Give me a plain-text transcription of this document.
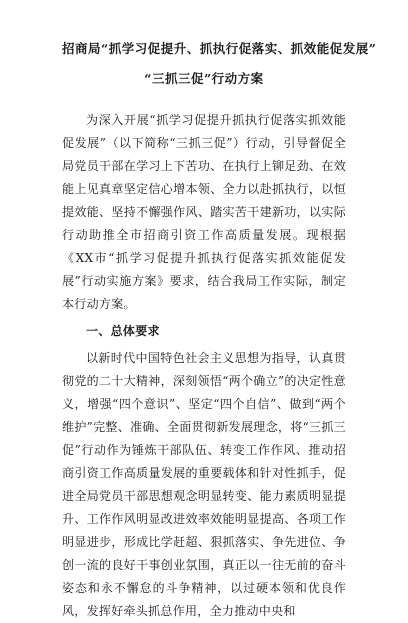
招商局“抓学习促提升、抓执行促落实、抓效能促发展”

“三抓三促”行动方案

为深入开展“抓学习促提升抓执行促落实抓效能促发展”（以下简称“三抓三促”）行动，引导督促全局党员干部在学习上下苦功、在执行上铆足劲、在效能上见真章坚定信心增本领、全力以赴抓执行，以恒提效能、坚持不懈强作风、踏实苦干建新功，以实际行动助推全市招商引资工作高质量发展。现根据《XX市“抓学习促提升抓执行促落实抓效能促发展”行动实施方案》要求，结合我局工作实际，制定本行动方案。

一、总体要求

以新时代中国特色社会主义思想为指导，认真贯彻党的二十大精神，深刻领悟“两个确立”的决定性意义，增强“四个意识”、坚定“四个自信”、做到“两个维护”完整、准确、全面贯彻新发展理念，将“三抓三促”行动作为锤炼干部队伍、转变工作作风、推动招商引资工作高质量发展的重要载体和针对性抓手，促进全局党员干部思想观念明显转变、能力素质明显提升、工作作风明显改进效率效能明显提高、各项工作明显进步，形成比学赶超、狠抓落实、争先进位、争创一流的良好干事创业氛围，真正以一往无前的奋斗姿态和永不懈怠的斗争精神，以过硬本领和优良作风，发挥好牵头抓总作用，全力推动中央和
